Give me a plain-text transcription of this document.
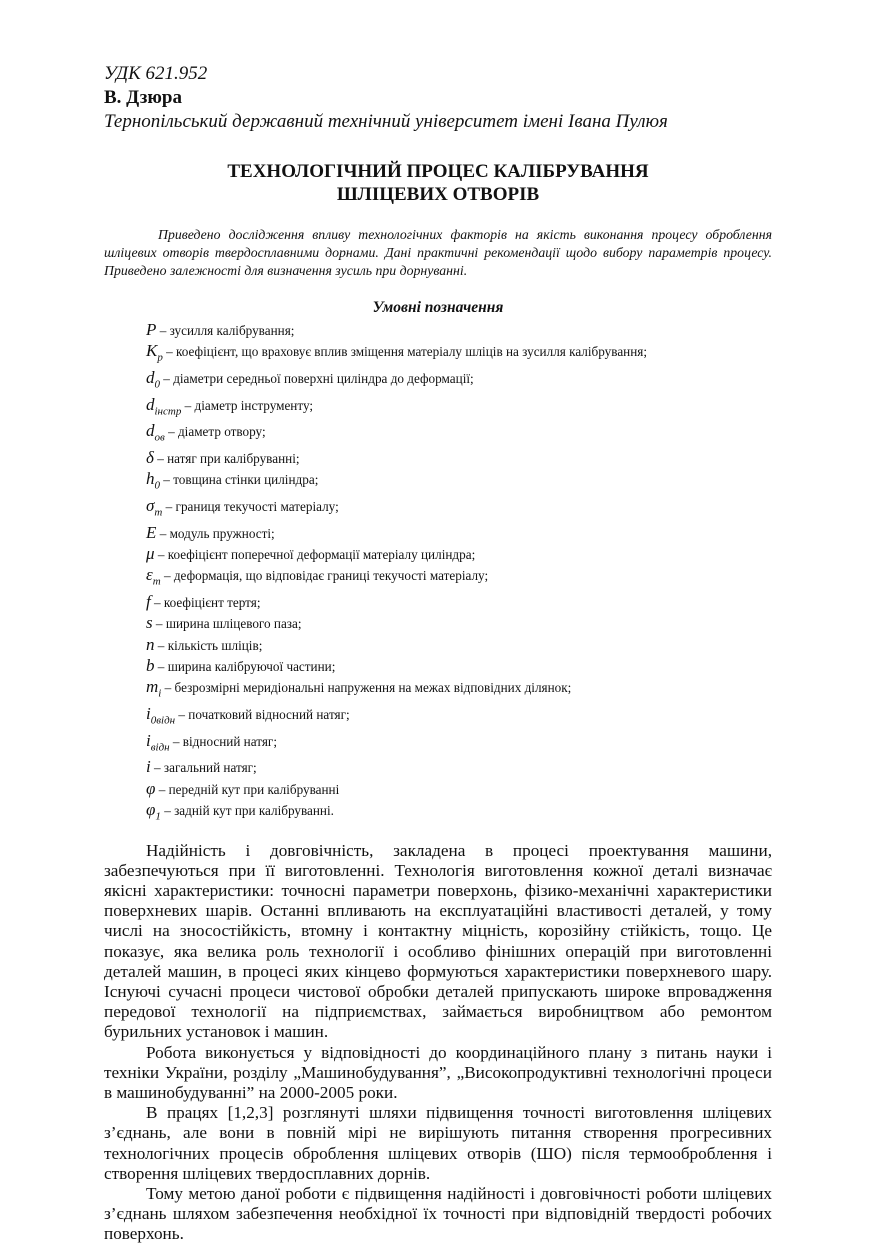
УДК 621.952
В. Дзюра
Тернопільський державний технічний університет імені Івана Пулюя
ТЕХНОЛОГІЧНИЙ ПРОЦЕС КАЛІБРУВАННЯ
ШЛІЦЕВИХ ОТВОРІВ
Приведено дослідження впливу технологічних факторів на якість виконання процесу оброблення шліцевих отворів твердосплавними дорнами. Дані практичні рекомендації щодо вибору параметрів процесу. Приведено залежності для визначення зусиль при дорнуванні.
Умовні позначення
P – зусилля калібрування;
$K_р$ – коефіцієнт, що враховує вплив зміщення матеріалу шліців на зусилля калібрування;
$d_0$ – діаметри середньої поверхні циліндра до деформації;
$d_{інстр}$ – діаметр інструменту;
$d_{ов}$ – діаметр отвору;
δ – натяг при калібруванні;
$h_0$ – товщина стінки циліндра;
$\sigma_т$ – границя текучості матеріалу;
E – модуль пружності;
μ – коефіцієнт поперечної деформації матеріалу циліндра;
$\varepsilon_т$ – деформація, що відповідає границі текучості матеріалу;
f – коефіцієнт тертя;
s – ширина шліцевого паза;
n – кількість шліців;
b – ширина калібруючої частини;
$m_i$ – безрозмірні меридіональні напруження на межах відповідних ділянок;
$i_{0відн}$ – початковий відносний натяг;
$i_{відн}$ – відносний натяг;
i – загальний натяг;
φ – передній кут при калібруванні
$\varphi_1$ – задній кут при калібруванні.

Надійність і довговічність, закладена в процесі проектування машини, забезпечуються при її виготовленні. Технологія виготовлення кожної деталі визначає якісні характеристики: точносні параметри поверхонь, фізико-механічні характеристики поверхневих шарів. Останні впливають на експлуатаційні властивості деталей, у тому числі на зносостійкість, втомну і контактну міцність, корозійну стійкість, тощо. Це показує, яка велика роль технології і особливо фінішних операцій при виготовленні деталей машин, в процесі яких кінцево формуються характеристики поверхневого шару. Існуючі сучасні процеси чистової обробки деталей припускають широке впровадження передової технології на підприємствах, займається виробництвом або ремонтом бурильних установок і машин.

Робота виконується у відповідності до координаційного плану з питань науки і техніки України, розділу „Машинобудування”, „Високопродуктивні технологічні процеси в машинобудуванні” на 2000-2005 роки.

В працях [1,2,3] розглянуті шляхи підвищення точності виготовлення шліцевих з’єднань, але вони в повній мірі не вирішують питання створення прогресивних технологічних процесів оброблення шліцевих отворів (ШО) після термооброблення і створення шліцевих твердосплавних дорнів.

Тому метою даної роботи є підвищення надійності і довговічності роботи шліцевих з’єднань шляхом забезпечення необхідної їх точності при відповідній твердості робочих поверхонь.
